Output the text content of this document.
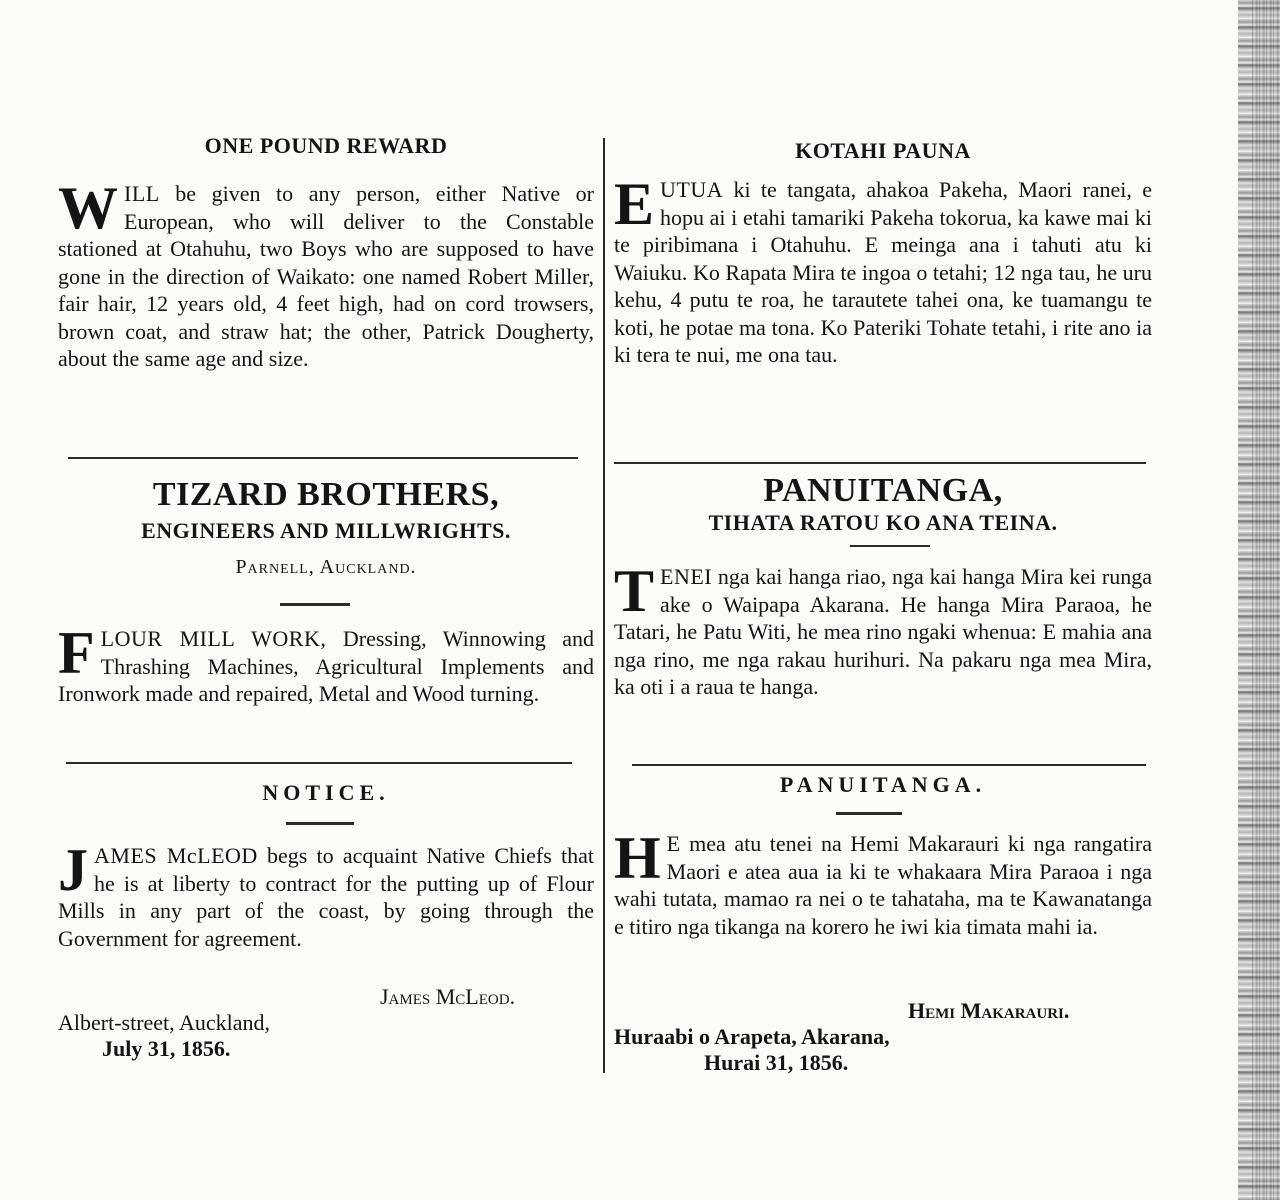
ONE POUND REWARD

WILL be given to any person, either Native or European, who will deliver to the Constable stationed at Otahuhu, two Boys who are supposed to have gone in the direction of Waikato: one named Robert Miller, fair hair, 12 years old, 4 feet high, had on cord trowsers, brown coat, and straw hat; the other, Patrick Dougherty, about the same age and size.

TIZARD BROTHERS,
ENGINEERS AND MILLWRIGHTS.
Parnell, Auckland.

FLOUR MILL WORK, Dressing, Winnowing and Thrashing Machines, Agricultural Implements and Ironwork made and repaired, Metal and Wood turning.

NOTICE.

JAMES McLEOD begs to acquaint Native Chiefs that he is at liberty to contract for the putting up of Flour Mills in any part of the coast, by going through the Government for agreement.

James McLeod.
Albert-street, Auckland,
July 31, 1856.
KOTAHI PAUNA

EUTUA ki te tangata, ahakoa Pakeha, Maori ranei, e hopu ai i etahi tamariki Pakeha tokorua, ka kawe mai ki te piribimana i Otahuhu. E meinga ana i tahuti atu ki Waiuku. Ko Rapata Mira te ingoa o tetahi; 12 nga tau, he uru kehu, 4 putu te roa, he tarautete tahei ona, ke tuamangu te koti, he potae ma tona. Ko Pateriki Tohate tetahi, i rite ano ia ki tera te nui, me ona tau.

PANUITANGA,
TIHATA RATOU KO ANA TEINA.

TENEI nga kai hanga riao, nga kai hanga Mira kei runga ake o Waipapa Akarana. He hanga Mira Paraoa, he Tatari, he Patu Witi, he mea rino ngaki whenua: E mahia ana nga rino, me nga rakau hurihuri. Na pakaru nga mea Mira, ka oti i a raua te hanga.

PANUITANGA.

H E mea atu tenei na Hemi Makarauri ki nga rangatira Maori e atea aua ia ki te whakaara Mira Paraoa i nga wahi tutata, mamao ra nei o te tahataha, ma te Kawanatanga e titiro nga tikanga na korero he iwi kia timata mahi ia.

Hemi Makarauri.
Huraabi o Arapeta, Akarana,
Hurai 31, 1856.
